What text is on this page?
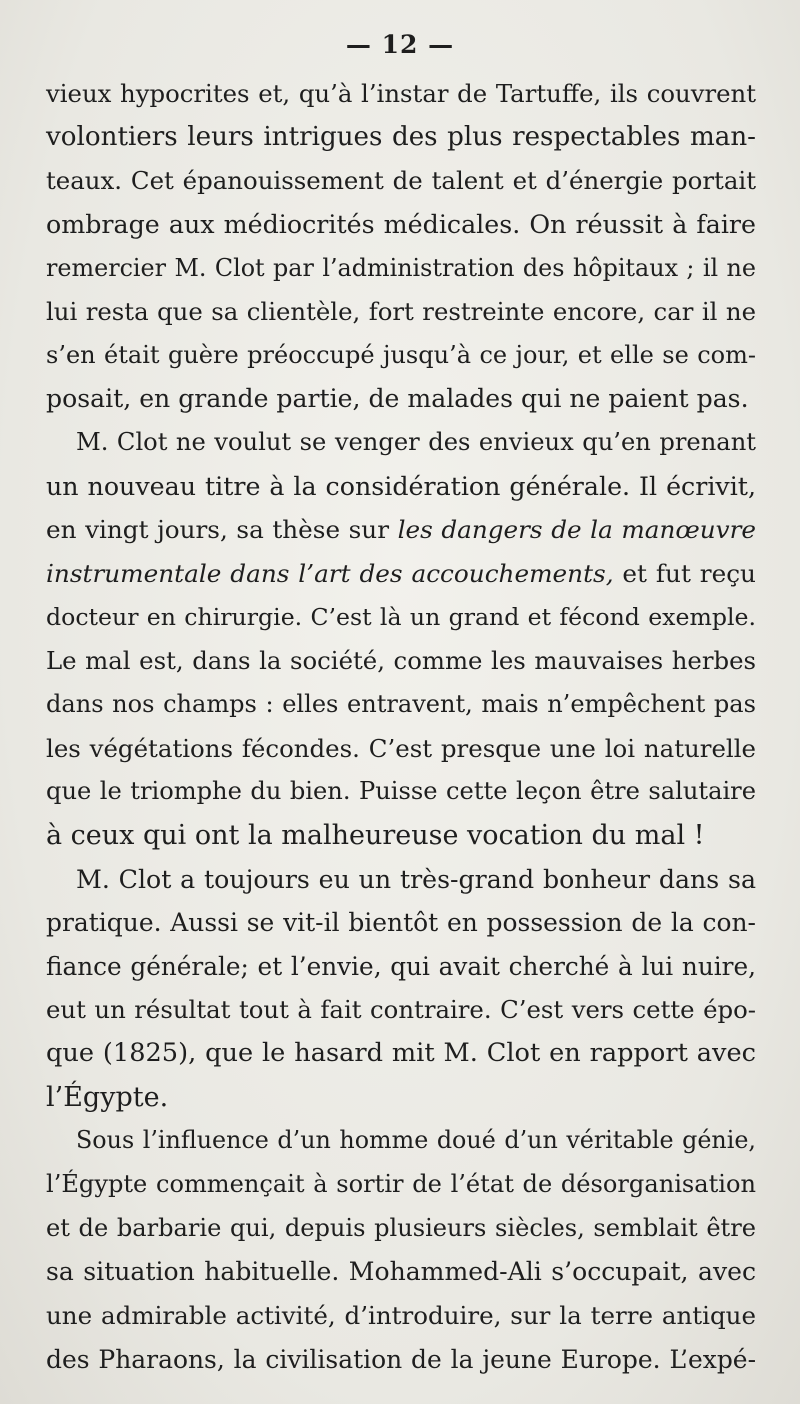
— 12 —
vieux hypocrites et, qu’à l’instar de Tartuffe, ils couvrent
volontiers leurs intrigues des plus respectables man-
teaux. Cet épanouissement de talent et d’énergie portait
ombrage aux médiocrités médicales. On réussit à faire
remercier M. Clot par l’administration des hôpitaux ; il ne
lui resta que sa clientèle, fort restreinte encore, car il ne
s’en était guère préoccupé jusqu’à ce jour, et elle se com-
posait, en grande partie, de malades qui ne paient pas.
M. Clot ne voulut se venger des envieux qu’en prenant
un nouveau titre à la considération générale. Il écrivit,
en vingt jours, sa thèse sur les dangers de la manœuvre
instrumentale dans l’art des accouchements, et fut reçu
docteur en chirurgie. C’est là un grand et fécond exemple.
Le mal est, dans la société, comme les mauvaises herbes
dans nos champs : elles entravent, mais n’empêchent pas
les végétations fécondes. C’est presque une loi naturelle
que le triomphe du bien. Puisse cette leçon être salutaire
à ceux qui ont la malheureuse vocation du mal !
M. Clot a toujours eu un très-grand bonheur dans sa
pratique. Aussi se vit-il bientôt en possession de la con-
fiance générale; et l’envie, qui avait cherché à lui nuire,
eut un résultat tout à fait contraire. C’est vers cette épo-
que (1825), que le hasard mit M. Clot en rapport avec
l’Égypte.
Sous l’influence d’un homme doué d’un véritable génie,
l’Égypte commençait à sortir de l’état de désorganisation
et de barbarie qui, depuis plusieurs siècles, semblait être
sa situation habituelle. Mohammed-Ali s’occupait, avec
une admirable activité, d’introduire, sur la terre antique
des Pharaons, la civilisation de la jeune Europe. L’expé-
